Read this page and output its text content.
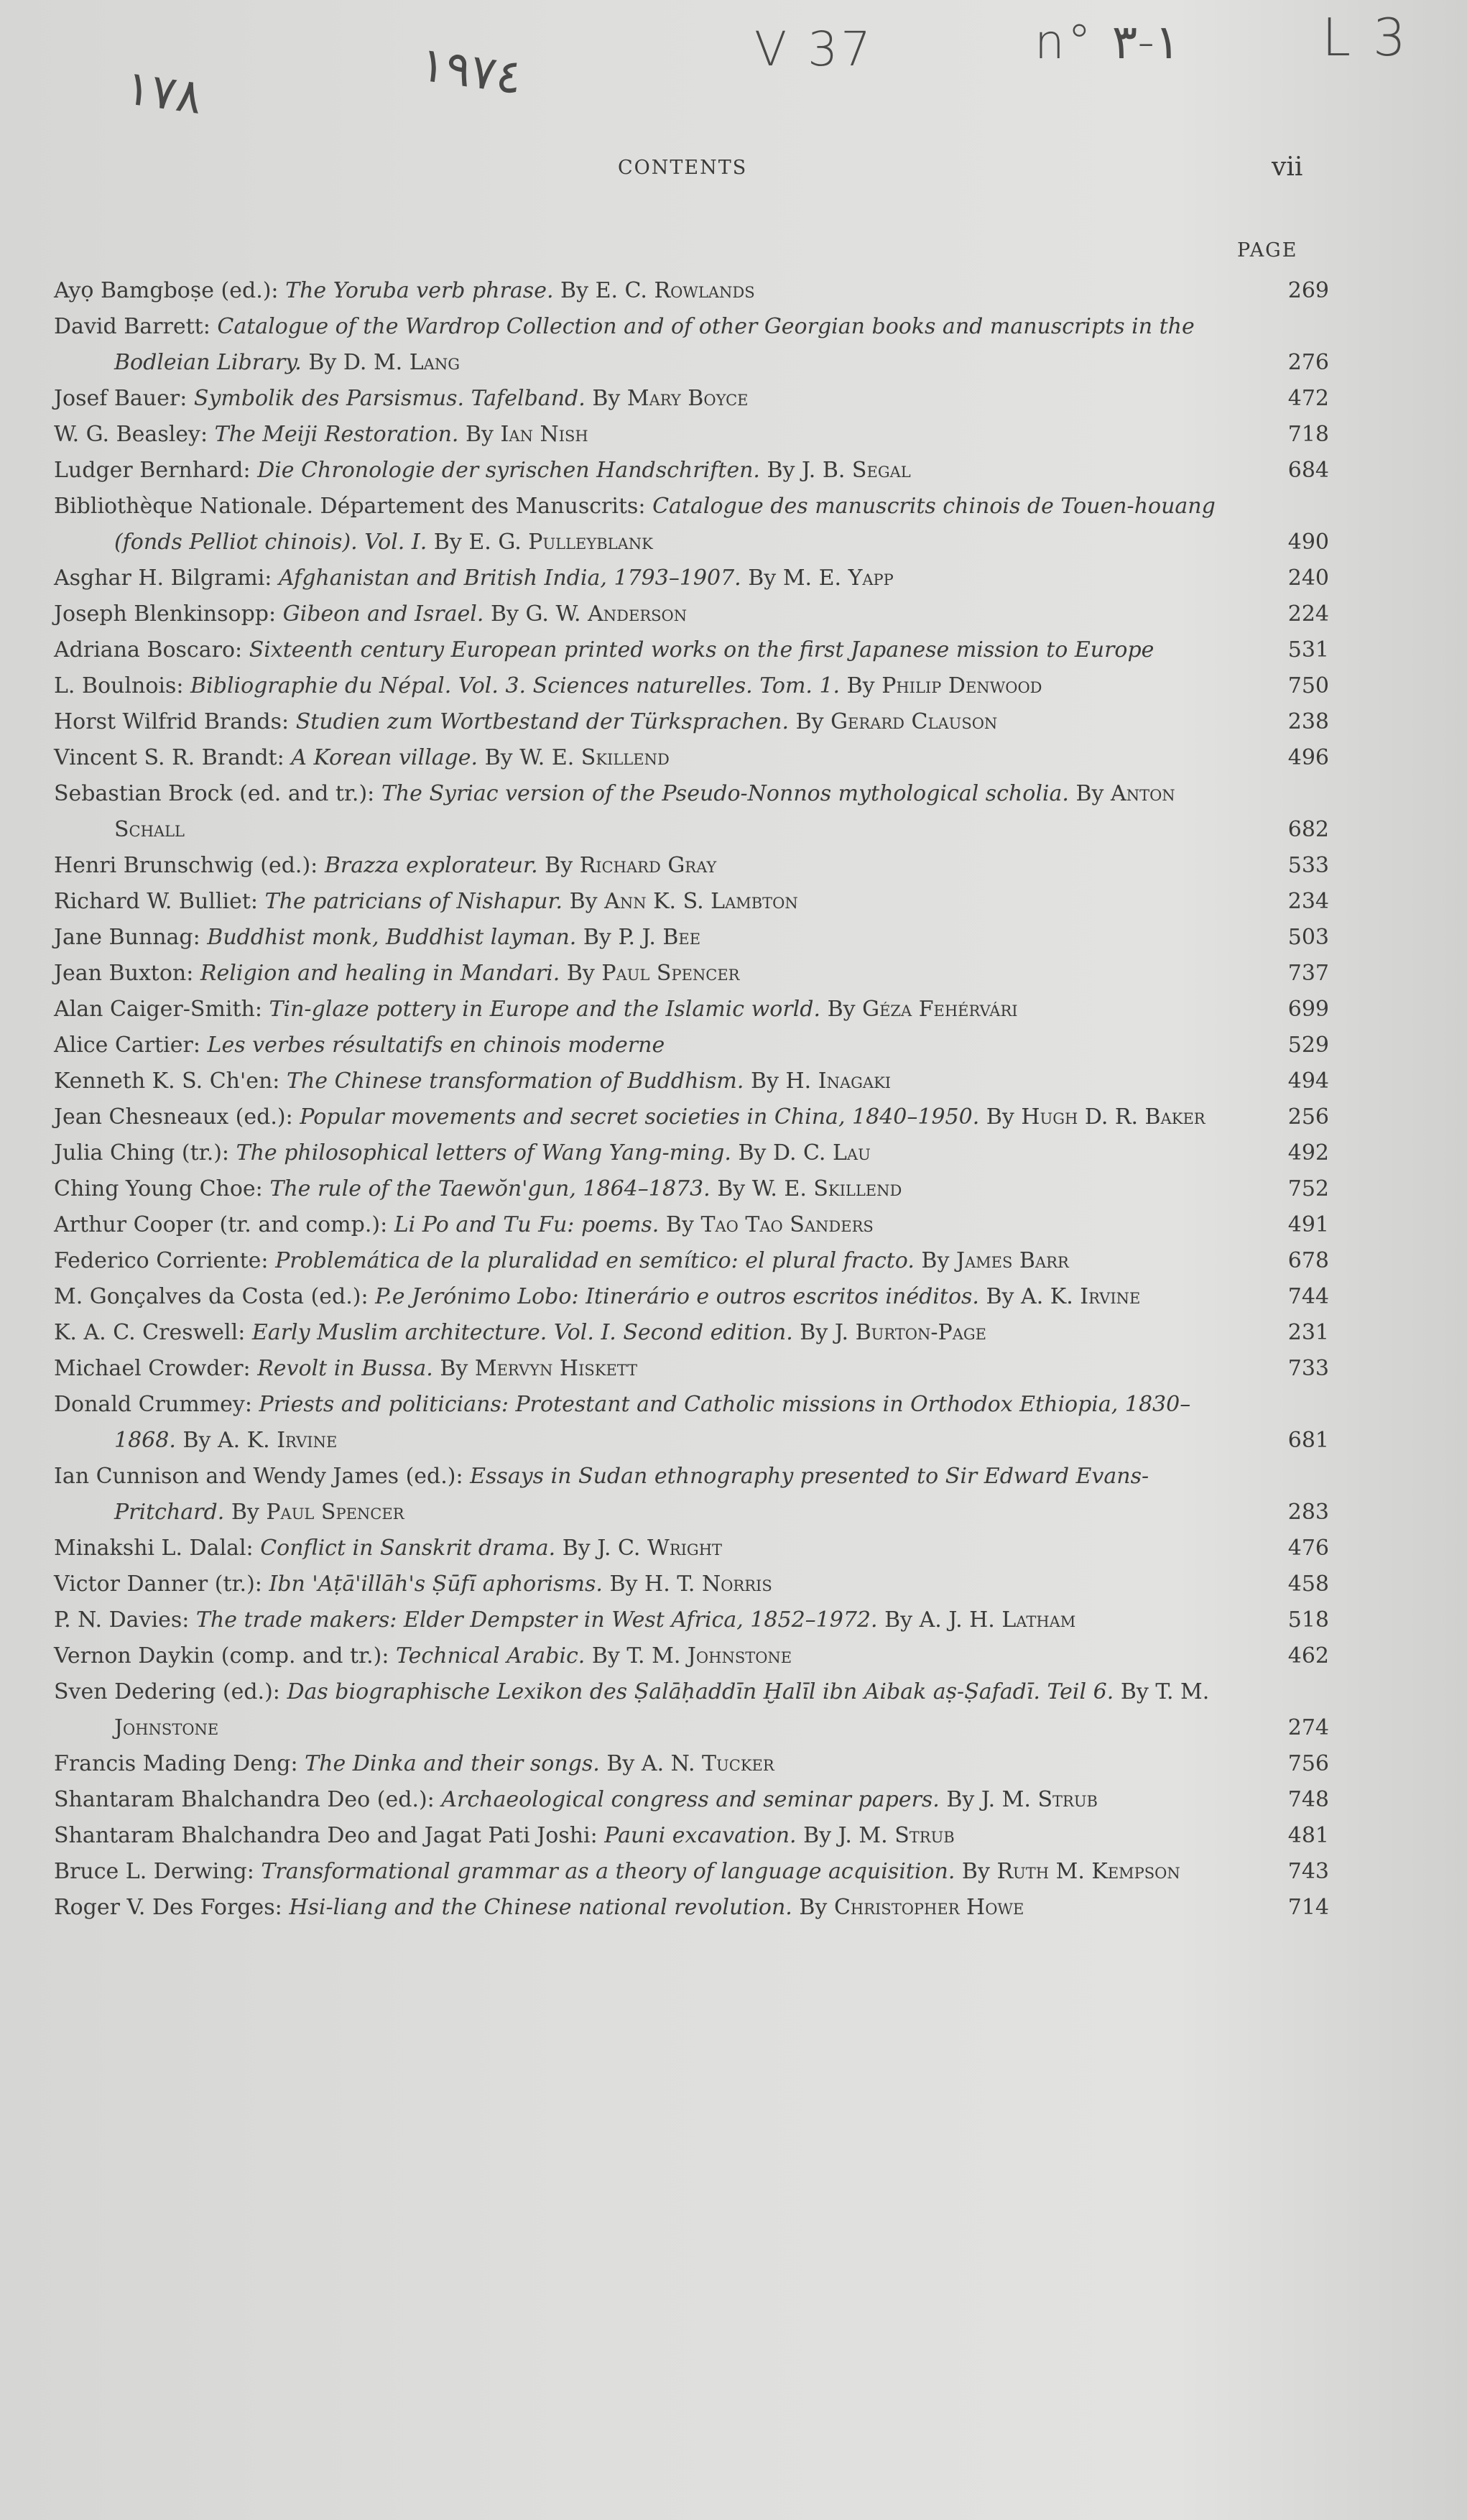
١٧٨	١٩٧٤	V 37	n° ١-٣	L 3
CONTENTS	vii
PAGE
Ayọ Bamgboṣe (ed.): The Yoruba verb phrase. By E. C. Rowlands	269
David Barrett: Catalogue of the Wardrop Collection and of other Georgian books and manuscripts in the Bodleian Library. By D. M. Lang	276
Josef Bauer: Symbolik des Parsismus. Tafelband. By Mary Boyce	472
W. G. Beasley: The Meiji Restoration. By Ian Nish	718
Ludger Bernhard: Die Chronologie der syrischen Handschriften. By J. B. Segal	684
Bibliothèque Nationale. Département des Manuscrits: Catalogue des manuscrits chinois de Touen-houang (fonds Pelliot chinois). Vol. I. By E. G. Pulleyblank	490
Asghar H. Bilgrami: Afghanistan and British India, 1793–1907. By M. E. Yapp	240
Joseph Blenkinsopp: Gibeon and Israel. By G. W. Anderson	224
Adriana Boscaro: Sixteenth century European printed works on the first Japanese mission to Europe	531
L. Boulnois: Bibliographie du Népal. Vol. 3. Sciences naturelles. Tom. 1. By Philip Denwood	750
Horst Wilfrid Brands: Studien zum Wortbestand der Türksprachen. By Gerard Clauson	238
Vincent S. R. Brandt: A Korean village. By W. E. Skillend	496
Sebastian Brock (ed. and tr.): The Syriac version of the Pseudo-Nonnos mythological scholia. By Anton Schall	682
Henri Brunschwig (ed.): Brazza explorateur. By Richard Gray	533
Richard W. Bulliet: The patricians of Nishapur. By Ann K. S. Lambton	234
Jane Bunnag: Buddhist monk, Buddhist layman. By P. J. Bee	503
Jean Buxton: Religion and healing in Mandari. By Paul Spencer	737
Alan Caiger-Smith: Tin-glaze pottery in Europe and the Islamic world. By Géza Fehérvári	699
Alice Cartier: Les verbes résultatifs en chinois moderne	529
Kenneth K. S. Ch'en: The Chinese transformation of Buddhism. By H. Inagaki	494
Jean Chesneaux (ed.): Popular movements and secret societies in China, 1840–1950. By Hugh D. R. Baker	256
Julia Ching (tr.): The philosophical letters of Wang Yang-ming. By D. C. Lau	492
Ching Young Choe: The rule of the Taewŏn'gun, 1864–1873. By W. E. Skillend	752
Arthur Cooper (tr. and comp.): Li Po and Tu Fu: poems. By Tao Tao Sanders	491
Federico Corriente: Problemática de la pluralidad en semítico: el plural fracto. By James Barr	678
M. Gonçalves da Costa (ed.): P.e Jerónimo Lobo: Itinerário e outros escritos inéditos. By A. K. Irvine	744
K. A. C. Creswell: Early Muslim architecture. Vol. I. Second edition. By J. Burton-Page	231
Michael Crowder: Revolt in Bussa. By Mervyn Hiskett	733
Donald Crummey: Priests and politicians: Protestant and Catholic missions in Orthodox Ethiopia, 1830–1868. By A. K. Irvine	681
Ian Cunnison and Wendy James (ed.): Essays in Sudan ethnography presented to Sir Edward Evans-Pritchard. By Paul Spencer	283
Minakshi L. Dalal: Conflict in Sanskrit drama. By J. C. Wright	476
Victor Danner (tr.): Ibn 'Aṭā'illāh's Ṣūfī aphorisms. By H. T. Norris	458
P. N. Davies: The trade makers: Elder Dempster in West Africa, 1852–1972. By A. J. H. Latham	518
Vernon Daykin (comp. and tr.): Technical Arabic. By T. M. Johnstone	462
Sven Dedering (ed.): Das biographische Lexikon des Ṣalāḥaddīn Ḫalīl ibn Aibak aṣ-Ṣafadī. Teil 6. By T. M. Johnstone	274
Francis Mading Deng: The Dinka and their songs. By A. N. Tucker	756
Shantaram Bhalchandra Deo (ed.): Archaeological congress and seminar papers. By J. M. Strub	748
Shantaram Bhalchandra Deo and Jagat Pati Joshi: Pauni excavation. By J. M. Strub	481
Bruce L. Derwing: Transformational grammar as a theory of language acquisition. By Ruth M. Kempson	743
Roger V. Des Forges: Hsi-liang and the Chinese national revolution. By Christopher Howe	714
